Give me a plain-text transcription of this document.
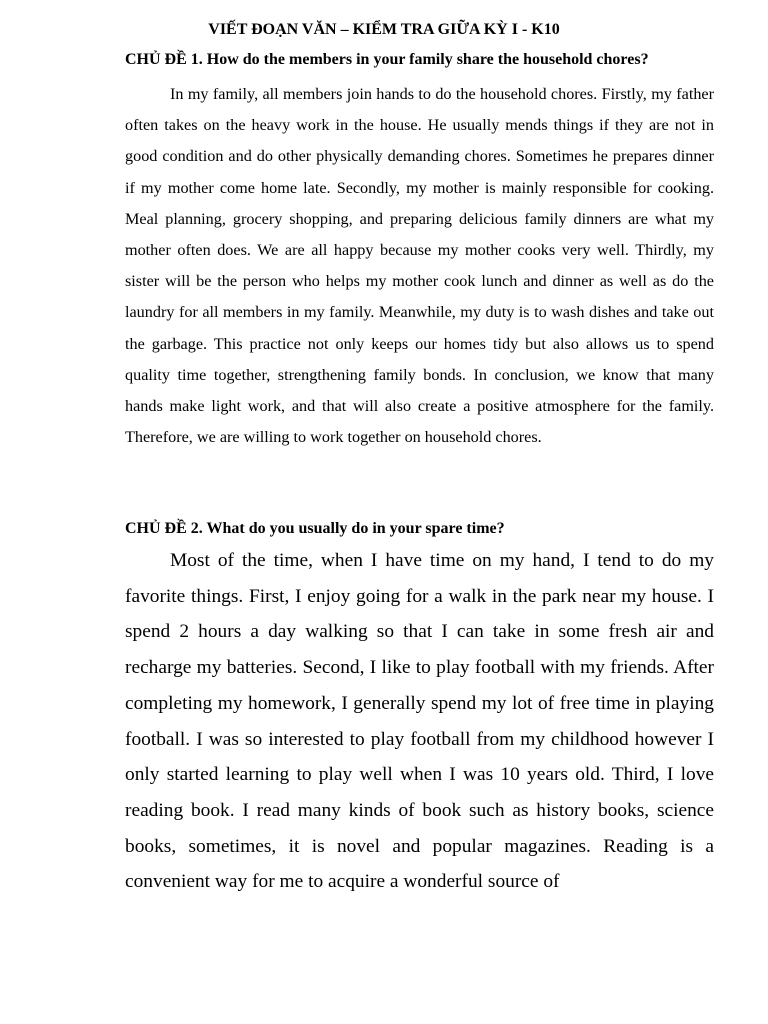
VIẾT ĐOẠN VĂN – KIỂM TRA GIỮA KỲ I - K10
CHỦ ĐỀ 1. How do the members in your family share the household chores?

In my family, all members join hands to do the household chores. Firstly, my father often takes on the heavy work in the house. He usually mends things if they are not in good condition and do other physically demanding chores. Sometimes he prepares dinner if my mother come home late. Secondly, my mother is mainly responsible for cooking. Meal planning, grocery shopping, and preparing delicious family dinners are what my mother often does. We are all happy because my mother cooks very well. Thirdly, my sister will be the person who helps my mother cook lunch and dinner as well as do the laundry for all members in my family. Meanwhile, my duty is to wash dishes and take out the garbage. This practice not only keeps our homes tidy but also allows us to spend quality time together, strengthening family bonds. In conclusion, we know that many hands make light work, and that will also create a positive atmosphere for the family. Therefore, we are willing to work together on household chores.

CHỦ ĐỀ 2. What do you usually do in your spare time?

Most of the time, when I have time on my hand, I tend to do my favorite things. First, I enjoy going for a walk in the park near my house. I spend 2 hours a day walking so that I can take in some fresh air and recharge my batteries. Second, I like to play football with my friends. After completing my homework, I generally spend my lot of free time in playing football. I was so interested to play football from my childhood however I only started learning to play well when I was 10 years old. Third, I love reading book. I read many kinds of book such as history books, science books, sometimes, it is novel and popular magazines. Reading is a convenient way for me to acquire a wonderful source of
